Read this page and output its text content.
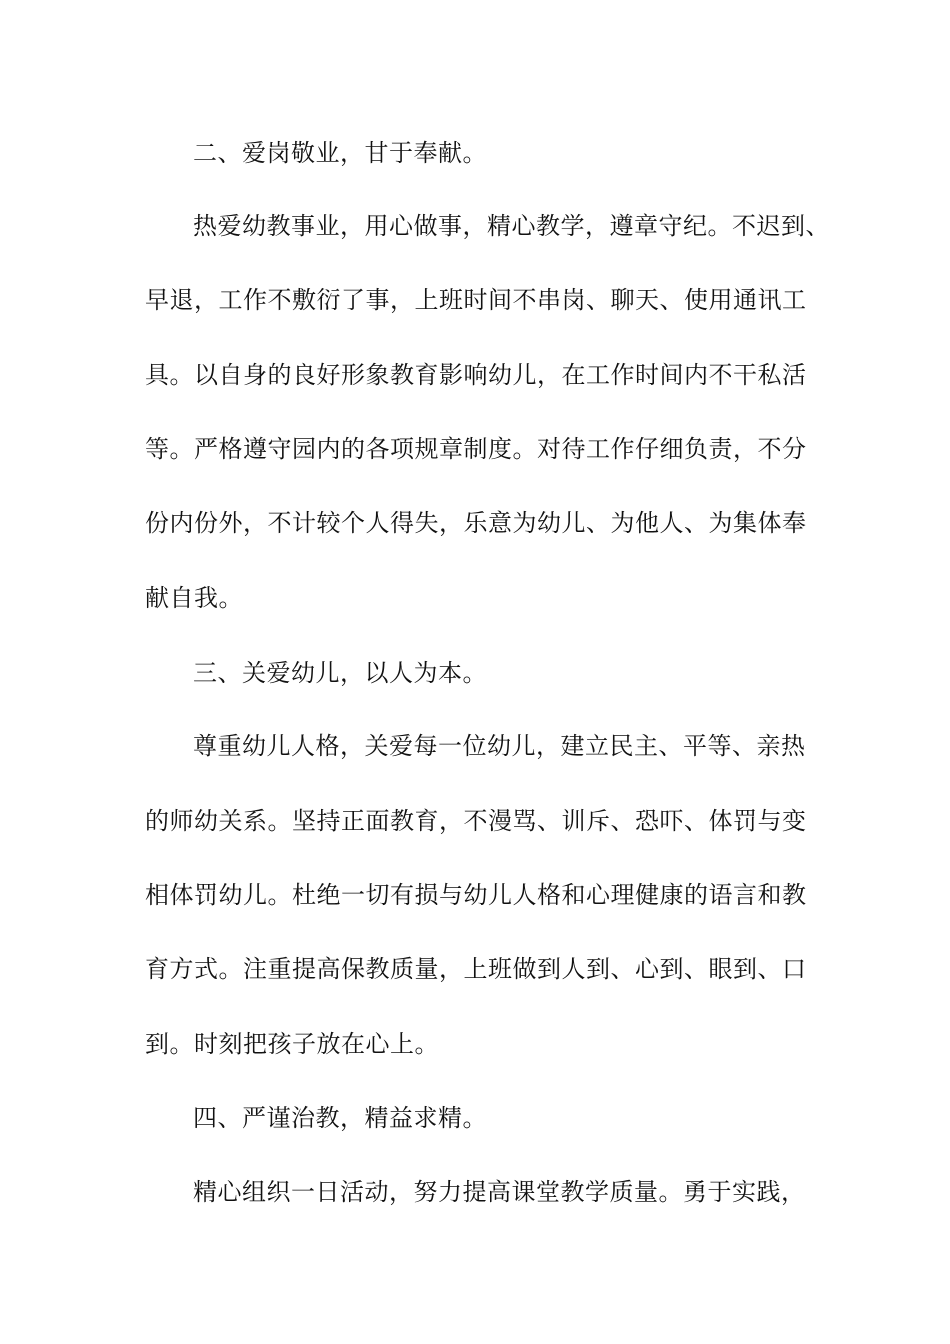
二、爱岗敬业，甘于奉献。
热爱幼教事业，用心做事，精心教学，遵章守纪。不迟到、
早退，工作不敷衍了事，上班时间不串岗、聊天、使用通讯工
具。以自身的良好形象教育影响幼儿，在工作时间内不干私活
等。严格遵守园内的各项规章制度。对待工作仔细负责，不分
份内份外，不计较个人得失，乐意为幼儿、为他人、为集体奉
献自我。
三、关爱幼儿，以人为本。
尊重幼儿人格，关爱每一位幼儿，建立民主、平等、亲热
的师幼关系。坚持正面教育，不漫骂、训斥、恐吓、体罚与变
相体罚幼儿。杜绝一切有损与幼儿人格和心理健康的语言和教
育方式。注重提高保教质量，上班做到人到、心到、眼到、口
到。时刻把孩子放在心上。
四、严谨治教，精益求精。
精心组织一日活动，努力提高课堂教学质量。勇于实践，
